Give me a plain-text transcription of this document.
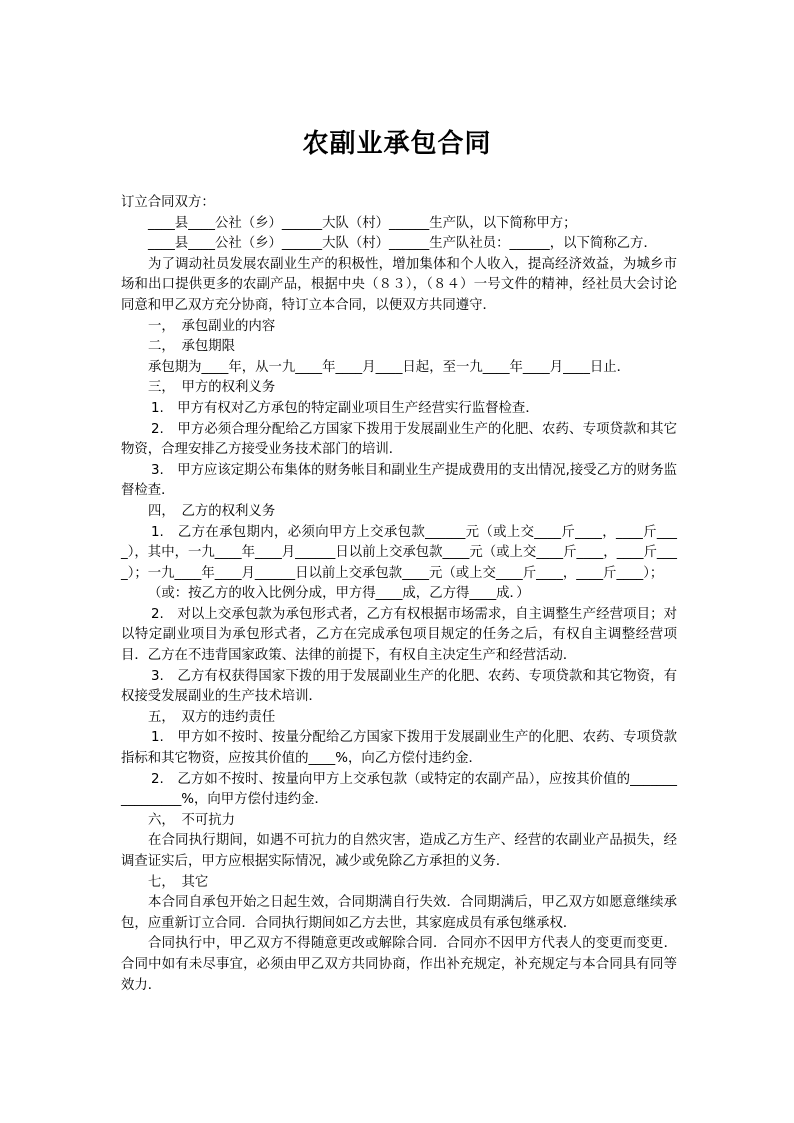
农副业承包合同

订立合同双方：

____县____公社（乡）______大队（村）______生产队，以下简称甲方；

____县____公社（乡）______大队（村）______生产队社员：______，以下简称乙方．

为了调动社员发展农副业生产的积极性，增加集体和个人收入，提高经济效益，为城乡市场和出口提供更多的农副产品，根据中央（８３），（８４）一号文件的精神，经社员大会讨论同意和甲乙双方充分协商，特订立本合同，以便双方共同遵守．

一，　承包副业的内容

二，　承包期限

承包期为____年，从一九____年____月____日起，至一九____年____月____日止．

三，　甲方的权利义务

1.　甲方有权对乙方承包的特定副业项目生产经营实行监督检查．

2.　甲方必须合理分配给乙方国家下拨用于发展副业生产的化肥、农药、专项贷款和其它物资，合理安排乙方接受业务技术部门的培训．

3.　甲方应该定期公布集体的财务帐目和副业生产提成费用的支出情况,接受乙方的财务监督检查．

四，　乙方的权利义务

1.　乙方在承包期内，必须向甲方上交承包款______元（或上交____斤____，____斤____），其中，一九____年____月______日以前上交承包款____元（或上交____斤____，____斤____）；一九____年____月______日以前上交承包款____元（或上交____斤____，____斤____）；

（或：按乙方的收入比例分成，甲方得____成，乙方得____成．）

2.　对以上交承包款为承包形式者，乙方有权根据市场需求，自主调整生产经营项目；对以特定副业项目为承包形式者，乙方在完成承包项目规定的任务之后，有权自主调整经营项目．乙方在不违背国家政策、法律的前提下，有权自主决定生产和经营活动．

3.　乙方有权获得国家下拨的用于发展副业生产的化肥、农药、专项贷款和其它物资，有权接受发展副业的生产技术培训．

五，　双方的违约责任

1.　甲方如不按时、按量分配给乙方国家下拨用于发展副业生产的化肥、农药、专项贷款指标和其它物资，应按其价值的____%，向乙方偿付违约金．

2.　乙方如不按时、按量向甲方上交承包款（或特定的农副产品），应按其价值的________________%，向甲方偿付违约金．

六，　不可抗力

在合同执行期间，如遇不可抗力的自然灾害，造成乙方生产、经营的农副业产品损失，经调查证实后，甲方应根据实际情况，减少或免除乙方承担的义务．

七，　其它

本合同自承包开始之日起生效，合同期满自行失效．合同期满后，甲乙双方如愿意继续承包，应重新订立合同．合同执行期间如乙方去世，其家庭成员有承包继承权．

合同执行中，甲乙双方不得随意更改或解除合同．合同亦不因甲方代表人的变更而变更．合同中如有未尽事宜，必须由甲乙双方共同协商，作出补充规定，补充规定与本合同具有同等效力．
